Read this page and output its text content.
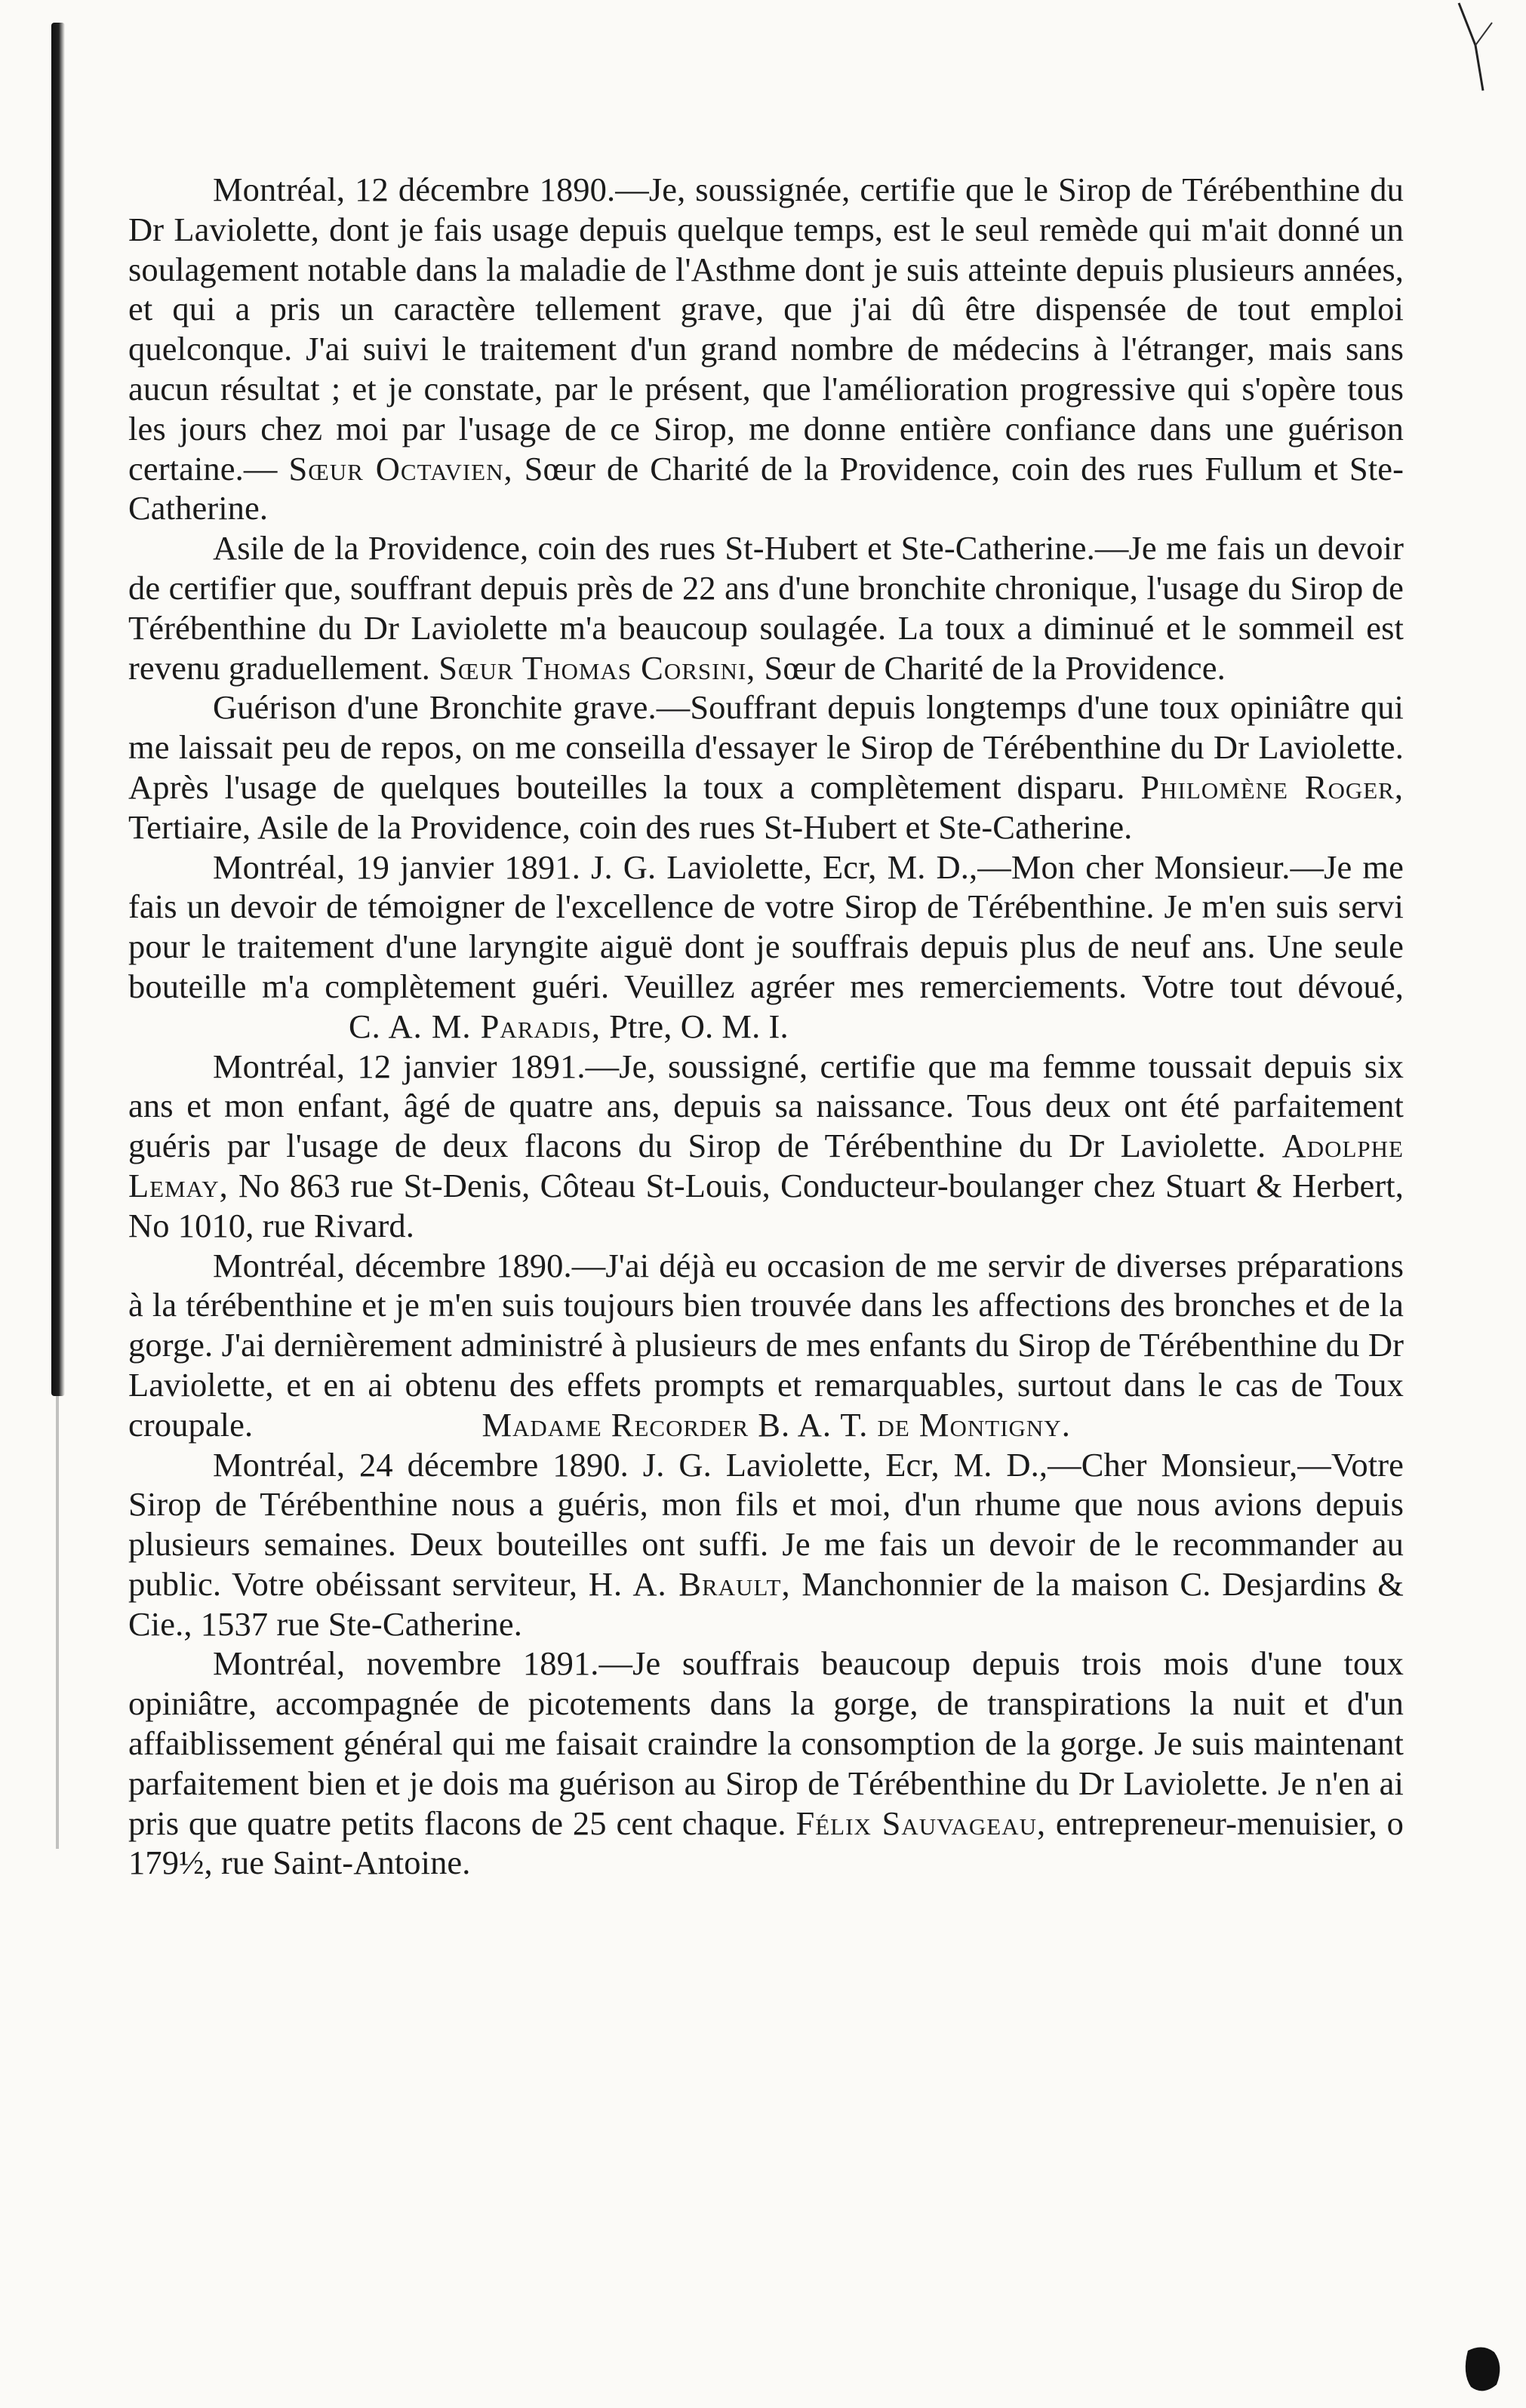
Montréal, 12 décembre 1890.—Je, soussignée, certifie que le Sirop de Térébenthine du Dr Laviolette, dont je fais usage depuis quelque temps, est le seul remède qui m'ait donné un soulagement notable dans la maladie de l'Asthme dont je suis atteinte depuis plusieurs années, et qui a pris un caractère tellement grave, que j'ai dû être dispensée de tout emploi quelconque. J'ai suivi le traitement d'un grand nombre de médecins à l'étranger, mais sans aucun résultat ; et je constate, par le présent, que l'amélioration progressive qui s'opère tous les jours chez moi par l'usage de ce Sirop, me donne entière confiance dans une guérison certaine.— Sœur Octavien, Sœur de Charité de la Providence, coin des rues Fullum et Ste-Catherine.

Asile de la Providence, coin des rues St-Hubert et Ste-Catherine.—Je me fais un devoir de certifier que, souffrant depuis près de 22 ans d'une bronchite chronique, l'usage du Sirop de Térébenthine du Dr Laviolette m'a beaucoup soulagée. La toux a diminué et le sommeil est revenu graduellement. Sœur Thomas Corsini, Sœur de Charité de la Providence.

Guérison d'une Bronchite grave.—Souffrant depuis longtemps d'une toux opiniâtre qui me laissait peu de repos, on me conseilla d'essayer le Sirop de Térébenthine du Dr Laviolette. Après l'usage de quelques bouteilles la toux a complètement disparu. Philomène Roger, Tertiaire, Asile de la Providence, coin des rues St-Hubert et Ste-Catherine.

Montréal, 19 janvier 1891. J. G. Laviolette, Ecr, M. D.,—Mon cher Monsieur.—Je me fais un devoir de témoigner de l'excellence de votre Sirop de Térébenthine. Je m'en suis servi pour le traitement d'une laryngite aiguë dont je souffrais depuis plus de neuf ans. Une seule bouteille m'a complètement guéri. Veuillez agréer mes remerciements. Votre tout dévoué, C. A. M. Paradis, Ptre, O. M. I.

Montréal, 12 janvier 1891.—Je, soussigné, certifie que ma femme toussait depuis six ans et mon enfant, âgé de quatre ans, depuis sa naissance. Tous deux ont été parfaitement guéris par l'usage de deux flacons du Sirop de Térébenthine du Dr Laviolette. Adolphe Lemay, No 863 rue St-Denis, Côteau St-Louis, Conducteur-boulanger chez Stuart & Herbert, No 1010, rue Rivard.

Montréal, décembre 1890.—J'ai déjà eu occasion de me servir de diverses préparations à la térébenthine et je m'en suis toujours bien trouvée dans les affections des bronches et de la gorge. J'ai dernièrement administré à plusieurs de mes enfants du Sirop de Térébenthine du Dr Laviolette, et en ai obtenu des effets prompts et remarquables, surtout dans le cas de Toux croupale.	Madame Recorder B. A. T. de Montigny.

Montréal, 24 décembre 1890. J. G. Laviolette, Ecr, M. D.,—Cher Monsieur,—Votre Sirop de Térébenthine nous a guéris, mon fils et moi, d'un rhume que nous avions depuis plusieurs semaines. Deux bouteilles ont suffi. Je me fais un devoir de le recommander au public. Votre obéissant serviteur, H. A. Brault, Manchonnier de la maison C. Desjardins & Cie., 1537 rue Ste-Catherine.

Montréal, novembre 1891.—Je souffrais beaucoup depuis trois mois d'une toux opiniâtre, accompagnée de picotements dans la gorge, de transpirations la nuit et d'un affaiblissement général qui me faisait craindre la consomption de la gorge. Je suis maintenant parfaitement bien et je dois ma guérison au Sirop de Térébenthine du Dr Laviolette. Je n'en ai pris que quatre petits flacons de 25 cent chaque. Félix Sauvageau, entrepreneur-menuisier, o 179½, rue Saint-Antoine.
